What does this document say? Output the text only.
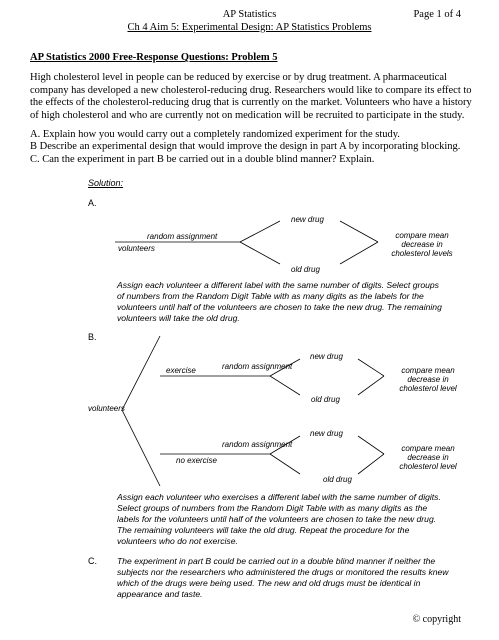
AP Statistics	Page 1 of 4
Ch 4 Aim 5: Experimental Design: AP Statistics Problems
AP Statistics 2000 Free-Response Questions: Problem 5
High cholesterol level in people can be reduced by exercise or by drug treatment. A pharmaceutical
company has developed a new cholesterol-reducing drug. Researchers would like to compare its effect to
the effects of the cholesterol-reducing drug that is currently on the market. Volunteers who have a history
of high cholesterol and who are currently not on medication will be recruited to participate in the study.
A. Explain how you would carry out a completely randomized experiment for the study.
B Describe an experimental design that would improve the design in part A by incorporating blocking.
C. Can the experiment in part B be carried out in a double blind manner? Explain.
Solution:
A.
new drug
random assignment
volunteers
old drug
compare mean
decrease in
cholesterol levels
Assign each volunteer a different label with the same number of digits. Select groups
of numbers from the Random Digit Table with as many digits as the labels for the
volunteers until half of the volunteers are chosen to take the new drug. The remaining
volunteers will take the old drug.
B.
new drug
exercise	random assignment
old drug
compare mean
decrease in
cholesterol level
volunteers
new drug
random assignment
no exercise
old drug
compare mean
decrease in
cholesterol level
Assign each volunteer who exercises a different label with the same number of digits.
Select groups of numbers from the Random Digit Table with as many digits as the
labels for the volunteers until half of the volunteers are chosen to take the new drug.
The remaining volunteers will take the old drug. Repeat the procedure for the
volunteers who do not exercise.
C. The experiment in part B could be carried out in a double blind manner if neither the
subjects nor the researchers who administered the drugs or monitored the results knew
which of the drugs were being used. The new and old drugs must be identical in
appearance and taste.
© copyright
